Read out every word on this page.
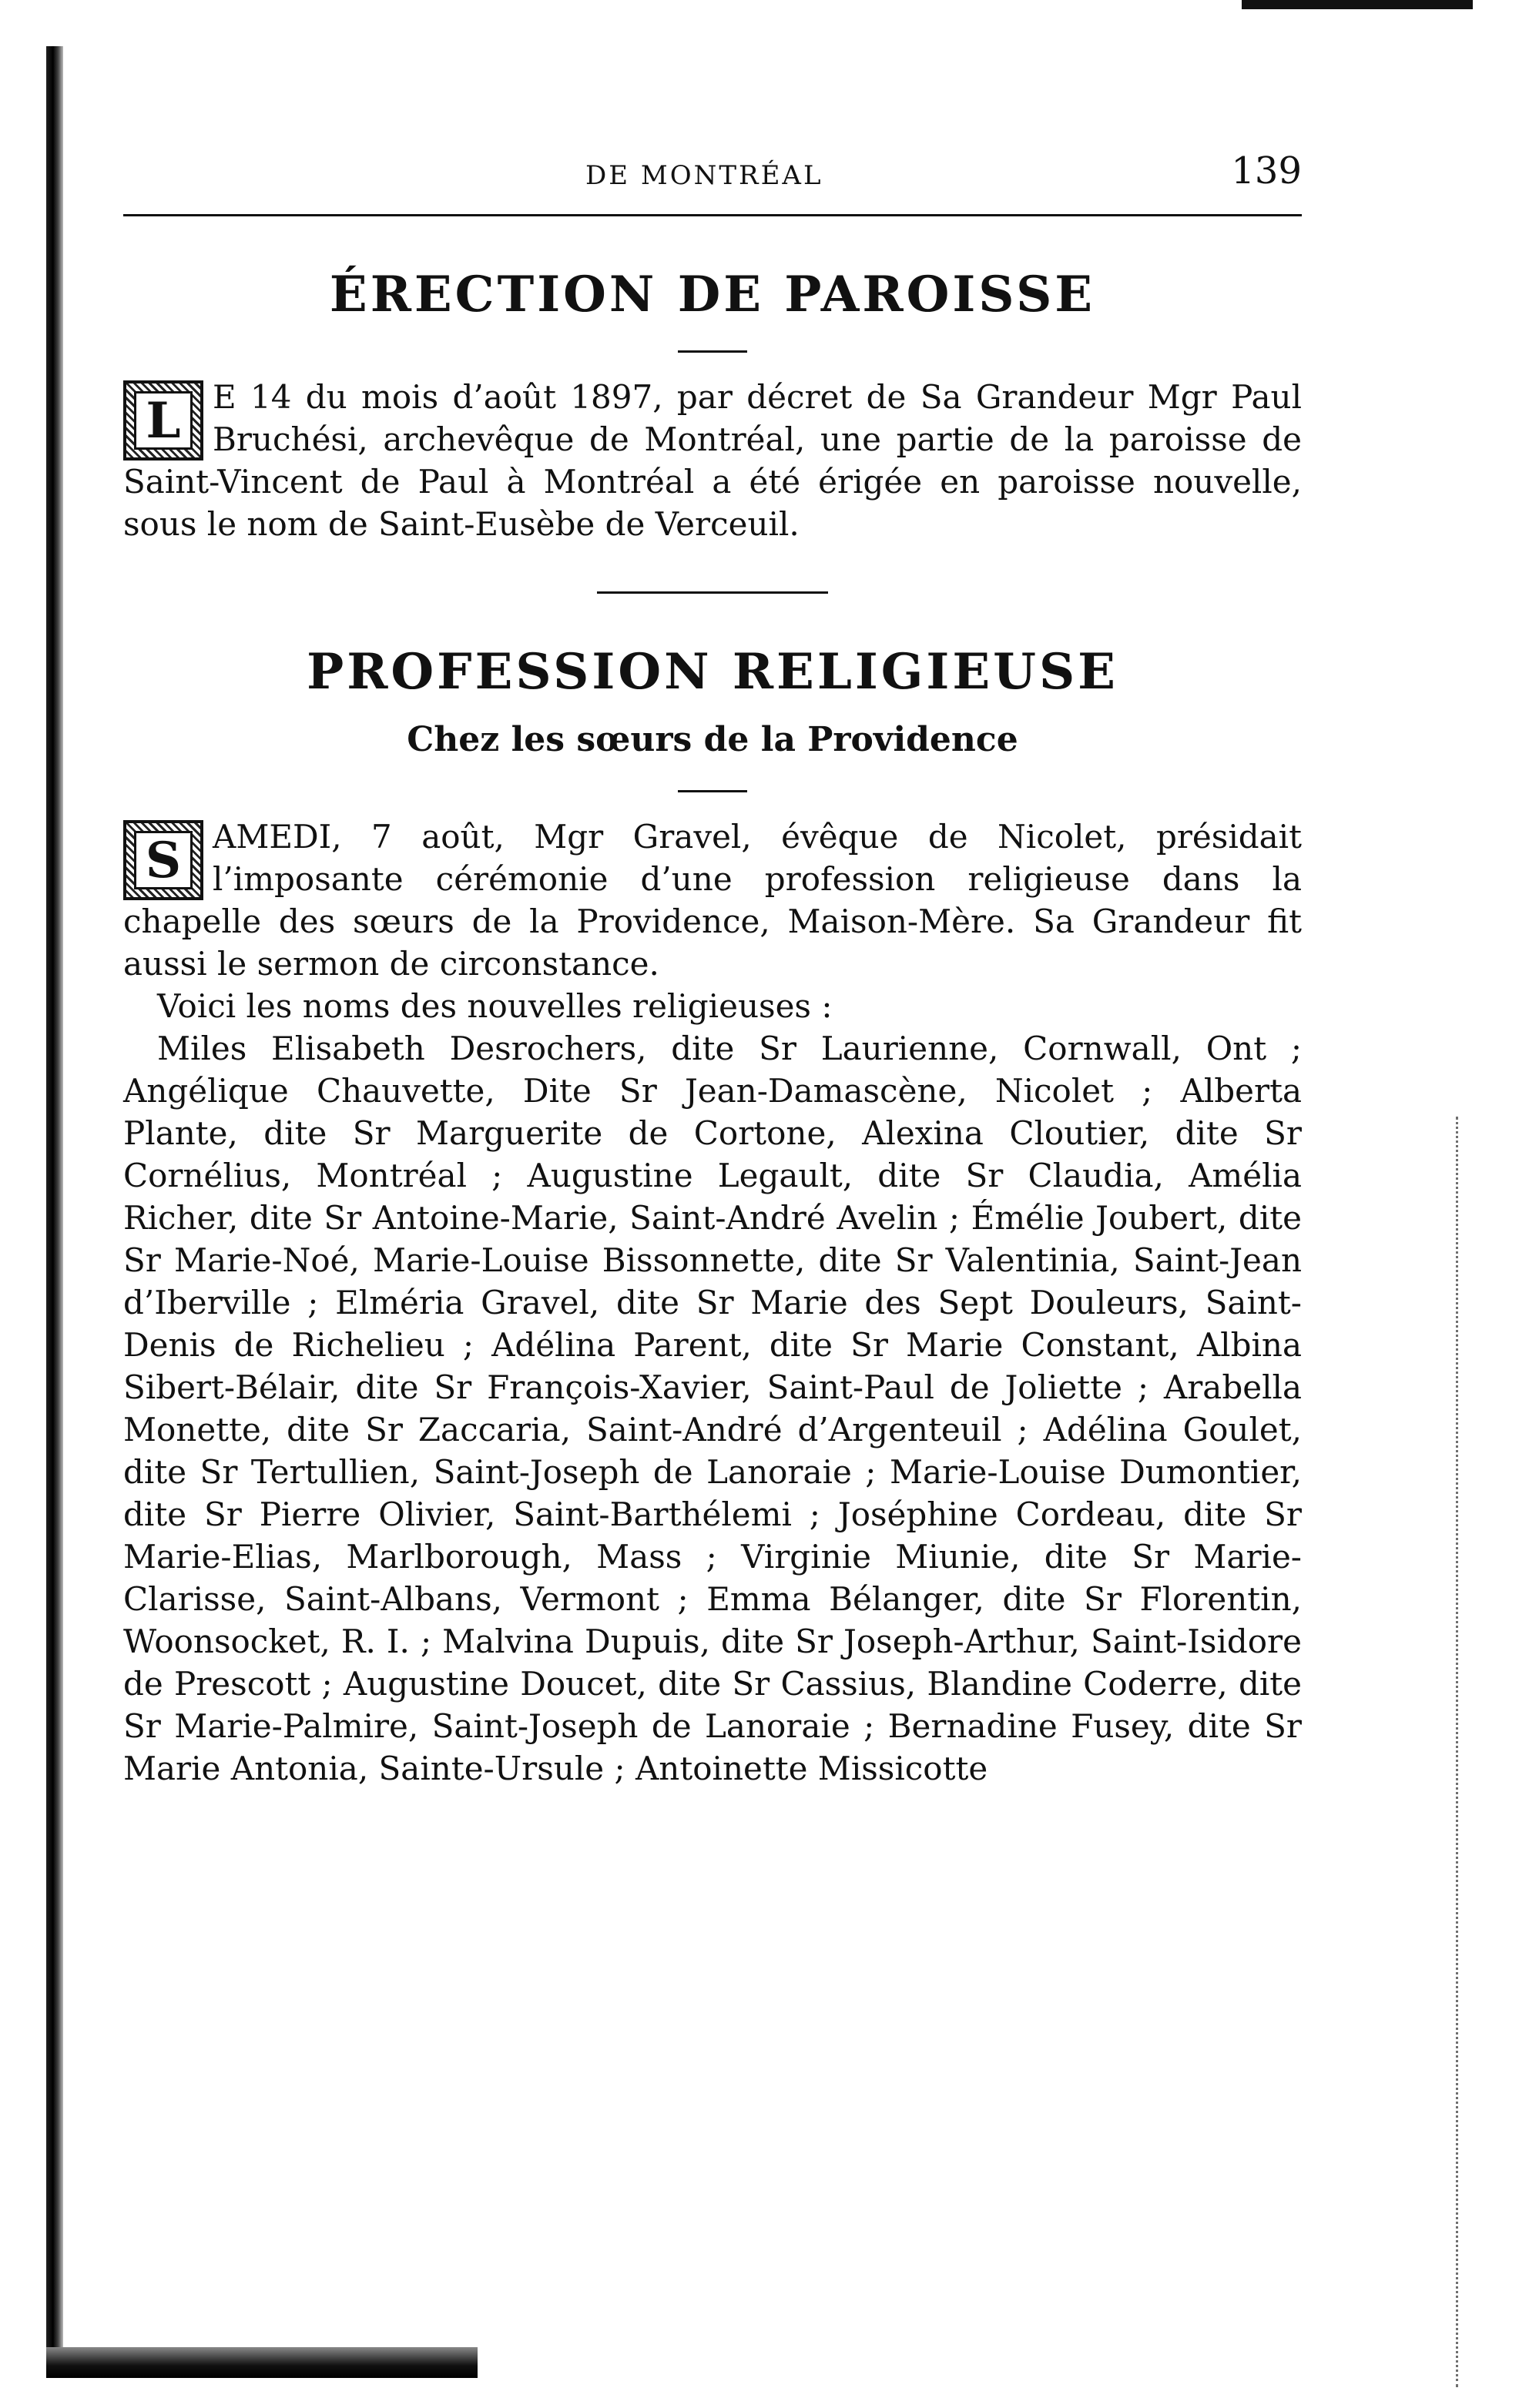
DE MONTRÉAL	139
ÉRECTION DE PAROISSE
L E 14 du mois d’août 1897, par décret de Sa Grandeur Mgr Paul Bruchési, archevêque de Montréal, une partie de la paroisse de Saint-Vincent de Paul à Montréal a été érigée en paroisse nouvelle, sous le nom de Saint-Eusèbe de Verceuil.
PROFESSION RELIGIEUSE
Chez les sœurs de la Providence
S AMEDI, 7 août, Mgr Gravel, évêque de Nicolet, présidait l’imposante cérémonie d’une profession religieuse dans la chapelle des sœurs de la Providence, Maison-Mère. Sa Grandeur fit aussi le sermon de circonstance.

Voici les noms des nouvelles religieuses :

Miles Elisabeth Desrochers, dite Sr Laurienne, Cornwall, Ont ; Angélique Chauvette, Dite Sr Jean-Damascène, Nicolet ; Alberta Plante, dite Sr Marguerite de Cortone, Alexina Cloutier, dite Sr Cornélius, Montréal ; Augustine Legault, dite Sr Claudia, Amélia Richer, dite Sr Antoine-Marie, Saint-André Avelin ; Émélie Joubert, dite Sr Marie-Noé, Marie-Louise Bissonnette, dite Sr Valentinia, Saint-Jean d’Iberville ; Elméria Gravel, dite Sr Marie des Sept Douleurs, Saint-Denis de Richelieu ; Adélina Parent, dite Sr Marie Constant, Albina Sibert-Bélair, dite Sr François-Xavier, Saint-Paul de Joliette ; Arabella Monette, dite Sr Zaccaria, Saint-André d’Argenteuil ; Adélina Goulet, dite Sr Tertullien, Saint-Joseph de Lanoraie ; Marie-Louise Dumontier, dite Sr Pierre Olivier, Saint-Barthélemi ; Joséphine Cordeau, dite Sr Marie-Elias, Marlborough, Mass ; Virginie Miunie, dite Sr Marie-Clarisse, Saint-Albans, Vermont ; Emma Bélanger, dite Sr Florentin, Woonsocket, R. I. ; Malvina Dupuis, dite Sr Joseph-Arthur, Saint-Isidore de Prescott ; Augustine Doucet, dite Sr Cassius, Blandine Coderre, dite Sr Marie-Palmire, Saint-Joseph de Lanoraie ; Bernadine Fusey, dite Sr Marie Antonia, Sainte-Ursule ; Antoinette Missicotte
